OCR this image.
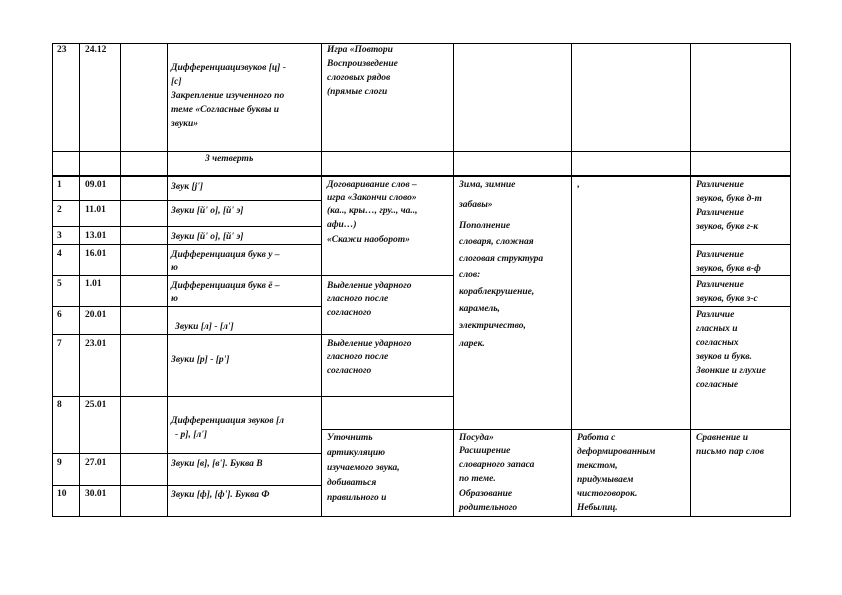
23 24.12
Дифференциацизвуков [ц] -
[с]
Закрепление изученного по
теме «Согласные буквы и
звуки»
Игра «Повтори
Воспроизведение
слоговых рядов
(прямые слоги
3 четверть
1 09.01
2 11.01
3 13.01
4 16.01
5 1.01
6 20.01
7 23.01
8 25.01
9 27.01
10 30.01
Звук [j']
Звуки [й' о], [й' э]
Звуки [й' о], [й' э]
Дифференциация букв у –
ю
Дифференциация букв ё –
ю
Звуки [л] - [л']
Звуки [р] - [р']
Дифференциация звуков [л
- р], [л']
Звуки [в], [в']. Буква В
Звуки [ф], [ф']. Буква Ф
Договаривание слов –
игра «Закончи слово»
(ка.., кры…, гру.., ча..,
афи…)
«Скажи наоборот»
Выделение ударного
гласного после
согласного
Выделение ударного
гласного после
согласного
Уточнить
артикуляцию
изучаемого звука,
добиваться
правильного и
Зима, зимние
забавы»
Пополнение
словаря, сложная
слоговая структура
слов:
кораблекрушение,
карамель,
электричество,
ларек.
Посуда»
Расширение
словарного запаса
по теме.
Образование
родительного
,
Работа с
деформированным
текстом,
придумываем
чистоговорок.
Небылиц.
Различение
звуков, букв д-т
Различение
звуков, букв г-к
Различение
звуков, букв в-ф
Различение
звуков, букв з-с
Различие
гласных и
согласных
звуков и букв.
Звонкие и глухие
согласные
Сравнение и
письмо пар слов
